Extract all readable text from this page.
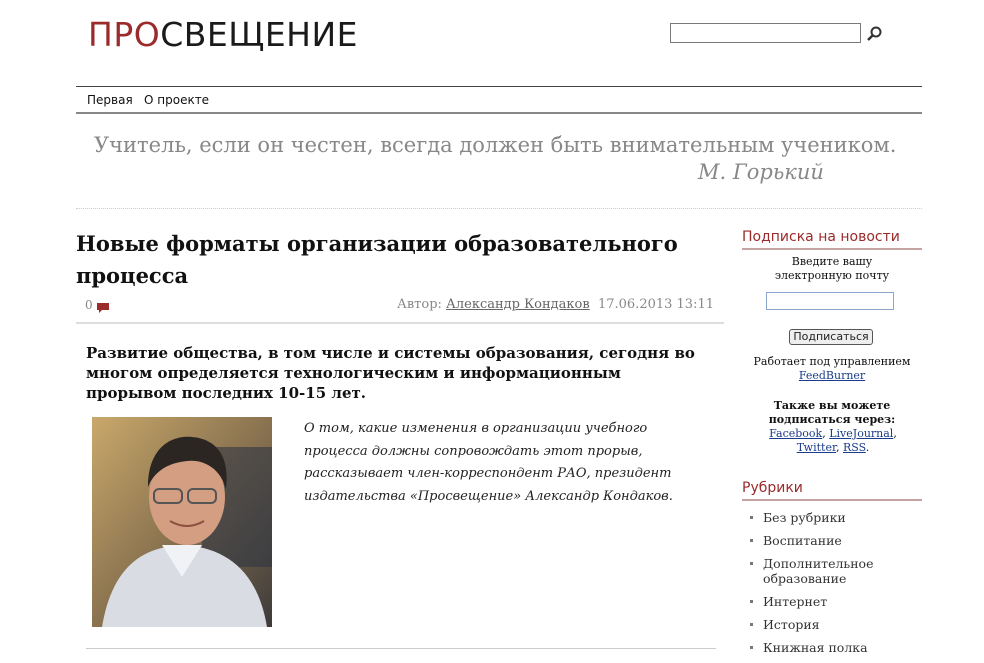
ПРОСВЕЩЕНИЕ
Первая О проекте
Учитель, если он честен, всегда должен быть внимательным учеником.
М. Горький
Новые форматы организации образовательного процесса
0	Автор: Александр Кондаков 17.06.2013 13:11

Развитие общества, в том числе и системы образования, сегодня во многом определяется технологическим и информационным прорывом последних 10-15 лет.

О том, какие изменения в организации учебного процесса должны сопровождать этот прорыв, рассказывает член-корреспондент РАО, президент издательства «Просвещение» Александр Кондаков.

Подписка на новости
Введите вашу электронную почту
Подписаться
Работает под управлением
FeedBurner
Также вы можете подписаться через:
Facebook, LiveJournal,
Twitter, RSS.
Рубрики
Без рубрики
Воспитание
Дополнительное образование
Интернет
История
Книжная полка
